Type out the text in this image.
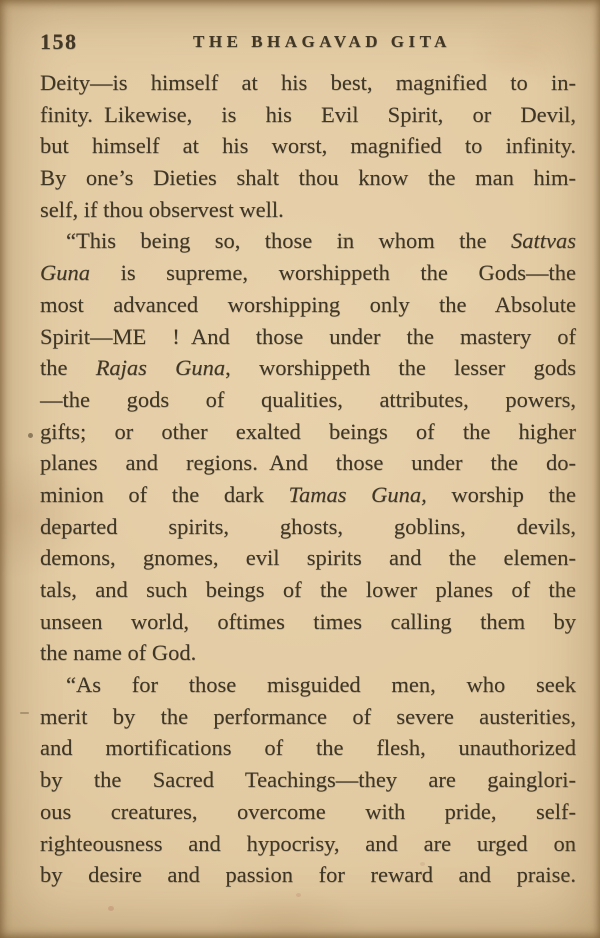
158	THE BHAGAVAD GITA
Deity—is himself at his best, magnified to in-
finity. Likewise, is his Evil Spirit, or Devil,
but himself at his worst, magnified to infinity.
By one’s Dieties shalt thou know the man him-
self, if thou observest well.
“This being so, those in whom the Sattvas
Guna is supreme, worshippeth the Gods—the
most advanced worshipping only the Absolute
Spirit—ME ! And those under the mastery of
the Rajas Guna, worshippeth the lesser gods
—the gods of qualities, attributes, powers,
gifts; or other exalted beings of the higher
planes and regions. And those under the do-
minion of the dark Tamas Guna, worship the
departed spirits, ghosts, goblins, devils,
demons, gnomes, evil spirits and the elemen-
tals, and such beings of the lower planes of the
unseen world, oftimes times calling them by
the name of God.
“As for those misguided men, who seek
merit by the performance of severe austerities,
and mortifications of the flesh, unauthorized
by the Sacred Teachings—they are gainglori-
ous creatures, overcome with pride, self-
righteousness and hypocrisy, and are urged on
by desire and passion for reward and praise.
